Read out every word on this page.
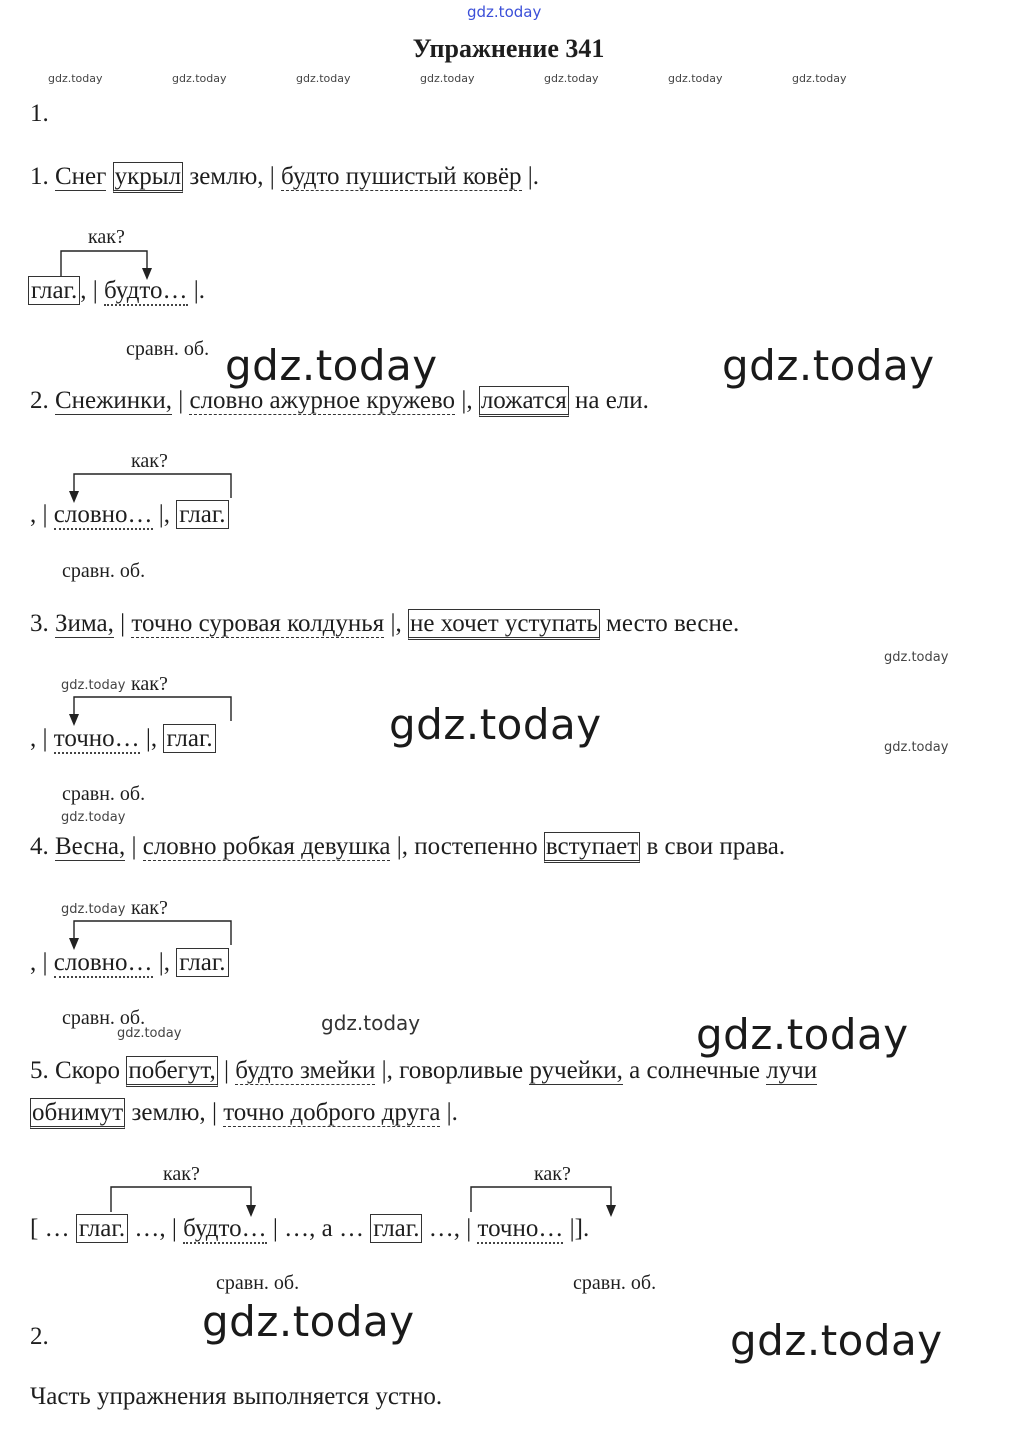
gdz.today
Упражнение 341
gdz.today	gdz.today	gdz.today	gdz.today	gdz.today	gdz.today	gdz.today
1.
1. Снег укрыл землю, | будто пушистый ковёр |.
как?
глаг. , | будто… |.
сравн. об. gdz.today	gdz.today
2. Снежинки, | словно ажурное кружево |, ложатся на ели.
как?
, | словно… |, глаг.
сравн. об.
3. Зима, | точно суровая колдунья |, не хочет уступать место весне.
gdz.today
gdz.today как?
, | точно… |, глаг.	gdz.today	gdz.today
сравн. об.
gdz.today
4. Весна, | словно робкая девушка |, постепенно вступает в свои права.
gdz.today как?
, | словно… |, глаг.
сравн. об.
gdz.today	gdz.today	gdz.today
5. Скоро побегут, | будто змейки |, говорливые ручейки, а солнечные лучи
обнимут землю, | точно доброго друга |.
как?	как?
[ … глаг. …, | будто… | …, а … глаг. …, | точно… |].
сравн. об.	сравн. об.
gdz.today	gdz.today
2.
Часть упражнения выполняется устно.
